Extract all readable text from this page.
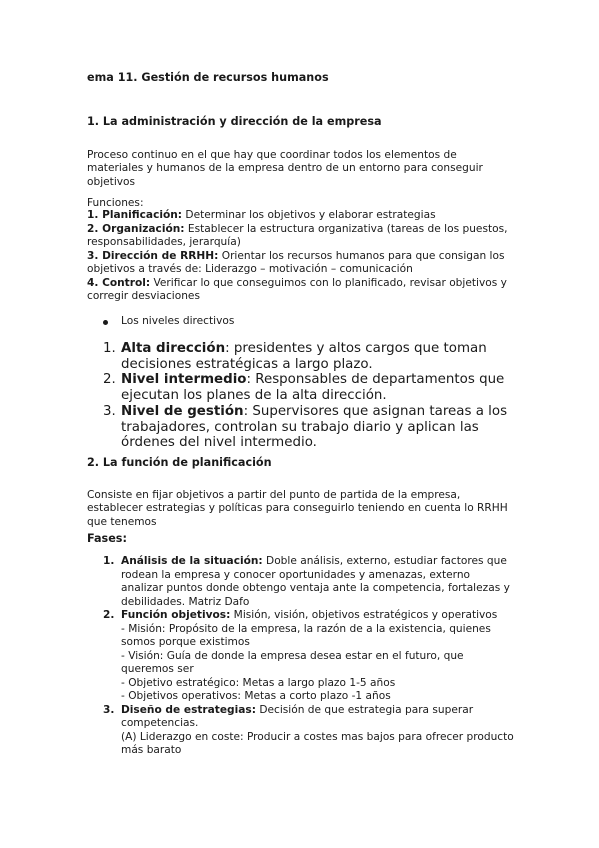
ema 11. Gestión de recursos humanos
1. La administración y dirección de la empresa

Proceso continuo en el que hay que coordinar todos los elementos de materiales y humanos de la empresa dentro de un entorno para conseguir objetivos

Funciones:

1. Planificación: Determinar los objetivos y elaborar estrategias

2. Organización: Establecer la estructura organizativa (tareas de los puestos, responsabilidades, jerarquía)

3. Dirección de RRHH: Orientar los recursos humanos para que consigan los objetivos a través de: Liderazgo – motivación – comunicación

4. Control: Verificar lo que conseguimos con lo planificado, revisar objetivos y corregir desviaciones

Los niveles directivos
1. Alta dirección: presidentes y altos cargos que toman decisiones estratégicas a largo plazo.
2. Nivel intermedio: Responsables de departamentos que ejecutan los planes de la alta dirección.
3. Nivel de gestión: Supervisores que asignan tareas a los trabajadores, controlan su trabajo diario y aplican las órdenes del nivel intermedio.
2. La función de planificación

Consiste en fijar objetivos a partir del punto de partida de la empresa, establecer estrategias y políticas para conseguirlo teniendo en cuenta lo RRHH que tenemos

Fases:
1. Análisis de la situación: Doble análisis, externo, estudiar factores que rodean la empresa y conocer oportunidades y amenazas, externo analizar puntos donde obtengo ventaja ante la competencia, fortalezas y debilidades. Matriz Dafo
2. Función objetivos: Misión, visión, objetivos estratégicos y operativos
- Misión: Propósito de la empresa, la razón de a la existencia, quienes somos porque existimos
- Visión: Guía de donde la empresa desea estar en el futuro, que queremos ser
- Objetivo estratégico: Metas a largo plazo 1-5 años
- Objetivos operativos: Metas a corto plazo -1 años
3. Diseño de estrategias: Decisión de que estrategia para superar competencias.
(A) Liderazgo en coste: Producir a costes mas bajos para ofrecer producto más barato
